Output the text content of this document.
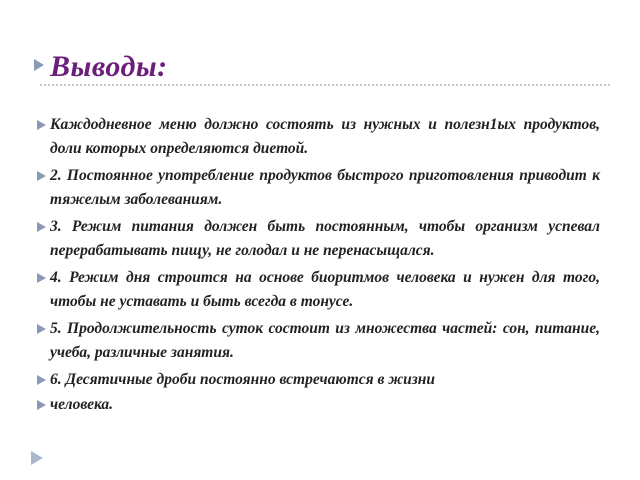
Выводы:
Каждодневное меню должно состоять из нужных и полезн1ых продуктов, доли которых определяются диетой.
2. Постоянное употребление продуктов быстрого приготовления приводит к тяжелым заболеваниям.
3. Режим питания должен быть постоянным, чтобы организм успевал перерабатывать пищу, не голодал и не перенасыщался.
4. Режим дня строится на основе биоритмов человека и нужен для того, чтобы не уставать и быть всегда в тонусе.
5. Продолжительность суток состоит из множества частей: сон, питание, учеба, различные занятия.
6. Десятичные дроби постоянно встречаются в жизни
человека.
